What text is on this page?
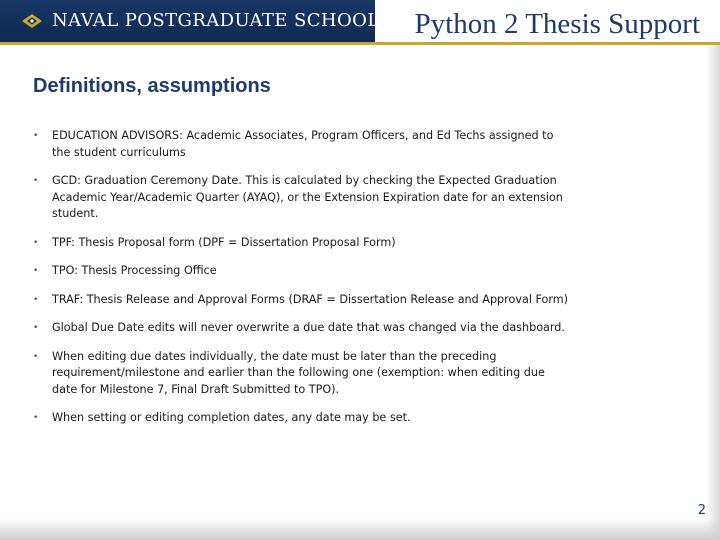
NAVAL POSTGRADUATE SCHOOL Python 2 Thesis Support
Definitions, assumptions
• EDUCATION ADVISORS: Academic Associates, Program Officers, and Ed Techs assigned to the student curriculums
• GCD: Graduation Ceremony Date. This is calculated by checking the Expected Graduation Academic Year/Academic Quarter (AYAQ), or the Extension Expiration date for an extension student.
• TPF: Thesis Proposal form (DPF = Dissertation Proposal Form)
• TPO: Thesis Processing Office
• TRAF: Thesis Release and Approval Forms (DRAF = Dissertation Release and Approval Form)
• Global Due Date edits will never overwrite a due date that was changed via the dashboard.
• When editing due dates individually, the date must be later than the preceding requirement/milestone and earlier than the following one (exemption: when editing due date for Milestone 7, Final Draft Submitted to TPO).
• When setting or editing completion dates, any date may be set.
2
